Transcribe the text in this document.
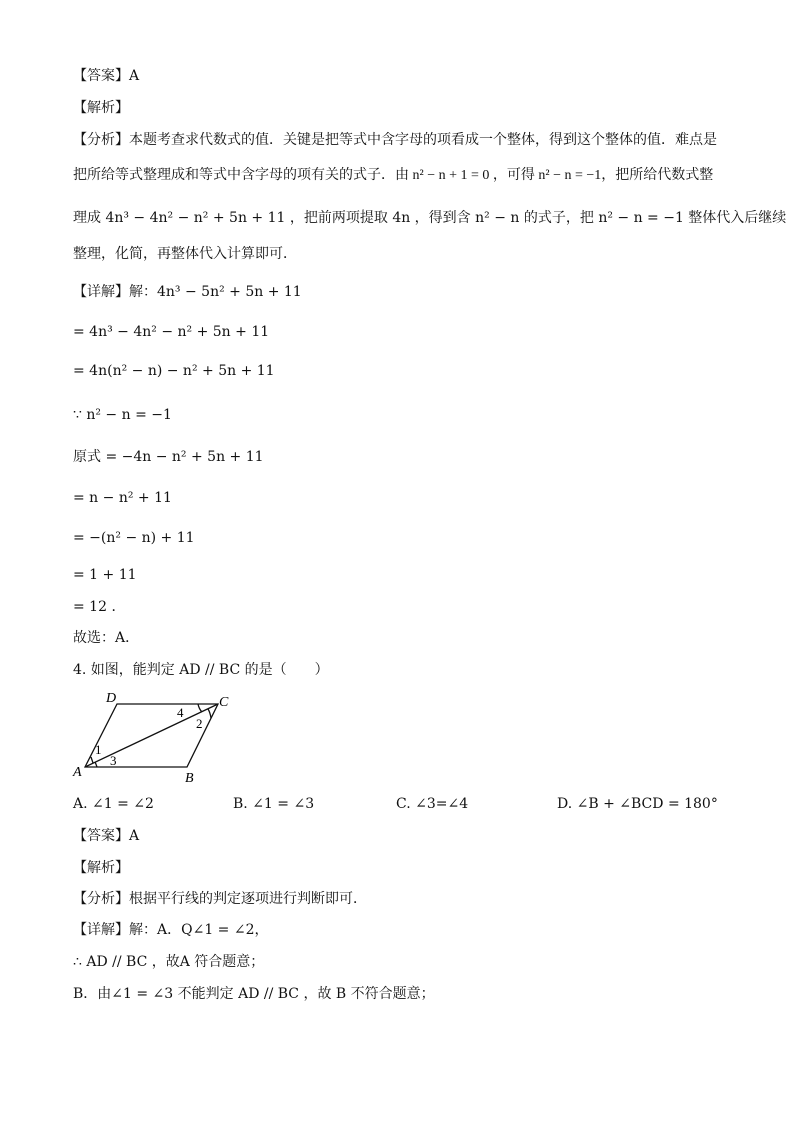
【答案】A
【解析】
【分析】本题考查求代数式的值．关键是把等式中含字母的项看成一个整体，得到这个整体的值．难点是
把所给等式整理成和等式中含字母的项有关的式子．由 n² − n + 1 = 0 ，可得 n² − n = −1，把所给代数式整
理成 4n³ − 4n² − n² + 5n + 11 ，把前两项提取 4n ，得到含 n² − n 的式子，把 n² − n = −1 整体代入后继续
整理，化简，再整体代入计算即可．
【详解】解：4n³ − 5n² + 5n + 11
= 4n³ − 4n² − n² + 5n + 11
= 4n(n² − n) − n² + 5n + 11
∵ n² − n = −1
原式 = −4n − n² + 5n + 11
= n − n² + 11
= −(n² − n) + 11
= 1 + 11
= 12 ．
故选：A．
4. 如图，能判定 AD // BC 的是（　　）
D	C
A	B
1
2
3
4
A. ∠1 = ∠2	B. ∠1 = ∠3	C. ∠3=∠4	D. ∠B + ∠BCD = 180°
【答案】A
【解析】
【分析】根据平行线的判定逐项进行判断即可．
【详解】解：A．Q∠1 = ∠2，
∴ AD // BC ，故A 符合题意；
B．由∠1 = ∠3 不能判定 AD // BC ，故 B 不符合题意；
